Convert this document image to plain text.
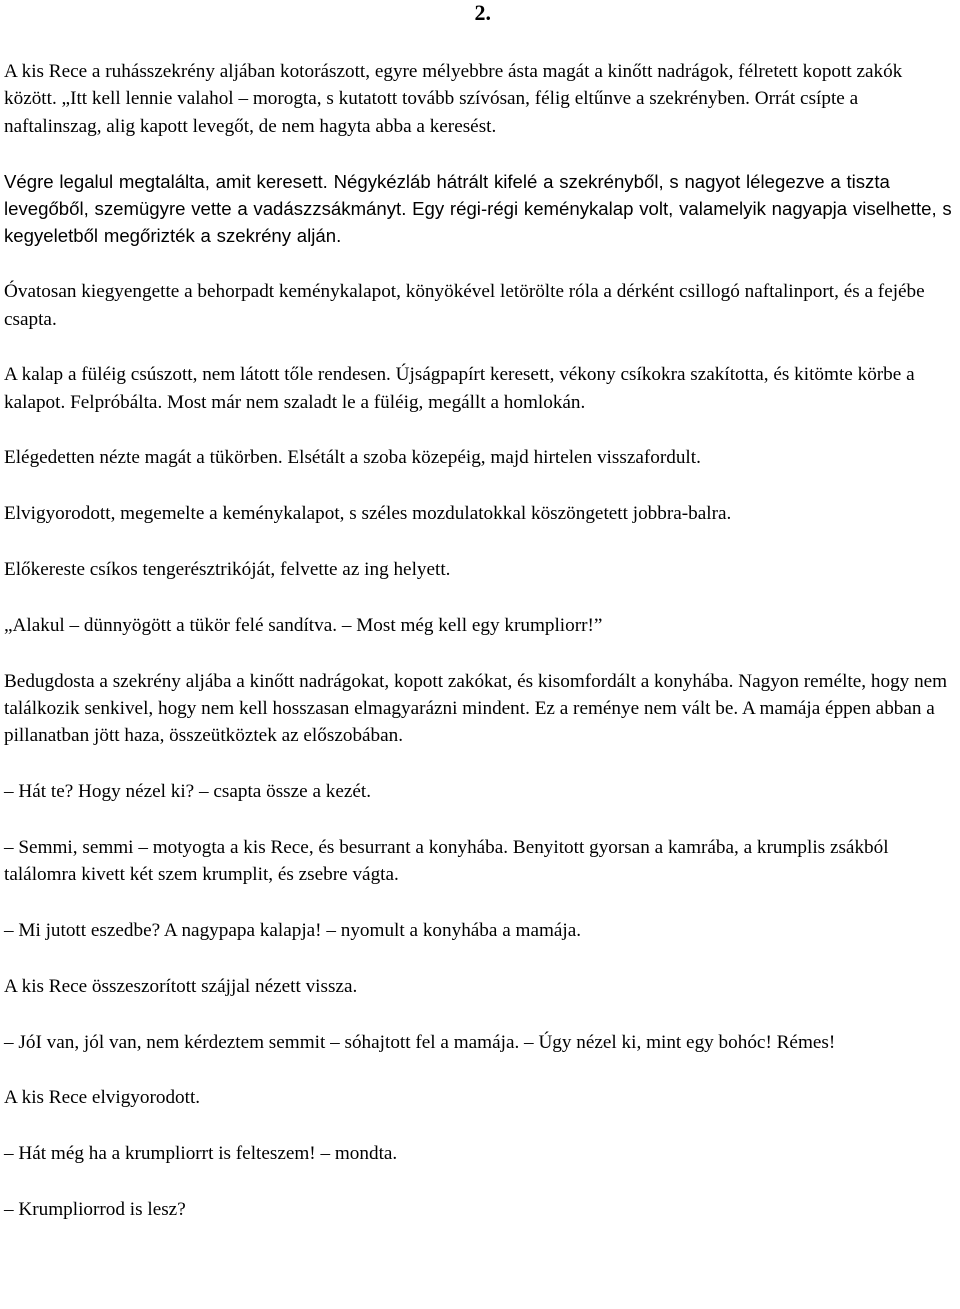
2.

A kis Rece a ruhásszekrény aljában kotorászott, egyre mélyebbre ásta magát a kinőtt nadrágok, félretett kopott zakók között. „Itt kell lennie valahol – morogta, s kutatott tovább szívósan, félig eltűnve a szekrényben. Orrát csípte a naftalinszag, alig kapott levegőt, de nem hagyta abba a keresést.

Végre legalul megtalálta, amit keresett. Négykézláb hátrált kifelé a szekrényből, s nagyot lélegezve a tiszta levegőből, szemügyre vette a vadászzsákmányt. Egy régi-régi keménykalap volt, valamelyik nagyapja viselhette, s kegyeletből megőrizték a szekrény alján.

Óvatosan kiegyengette a behorpadt keménykalapot, könyökével letörölte róla a dérként csillogó naftalinport, és a fejébe csapta.

A kalap a füléig csúszott, nem látott tőle rendesen. Újságpapírt keresett, vékony csíkokra szakította, és kitömte körbe a kalapot. Felpróbálta. Most már nem szaladt le a füléig, megállt a homlokán.

Elégedetten nézte magát a tükörben. Elsétált a szoba közepéig, majd hirtelen visszafordult.

Elvigyorodott, megemelte a keménykalapot, s széles mozdulatokkal köszöngetett jobbra-balra.

Előkereste csíkos tengerésztrikóját, felvette az ing helyett.

„Alakul – dünnyögött a tükör felé sandítva. – Most még kell egy krumpliorr!”

Bedugdosta a szekrény aljába a kinőtt nadrágokat, kopott zakókat, és kisomfordált a konyhába. Nagyon remélte, hogy nem találkozik senkivel, hogy nem kell hosszasan elmagyarázni mindent. Ez a reménye nem vált be. A mamája éppen abban a pillanatban jött haza, összeütköztek az előszobában.

– Hát te? Hogy nézel ki? – csapta össze a kezét.

– Semmi, semmi – motyogta a kis Rece, és besurrant a konyhába. Benyitott gyorsan a kamrába, a krumplis zsákból találomra kivett két szem krumplit, és zsebre vágta.

– Mi jutott eszedbe? A nagypapa kalapja! – nyomult a konyhába a mamája.

A kis Rece összeszorított szájjal nézett vissza.

– JóI van, jól van, nem kérdeztem semmit – sóhajtott fel a mamája. – Úgy nézel ki, mint egy bohóc! Rémes!

A kis Rece elvigyorodott.

– Hát még ha a krumpliorrt is felteszem! – mondta.

– Krumpliorrod is lesz?
